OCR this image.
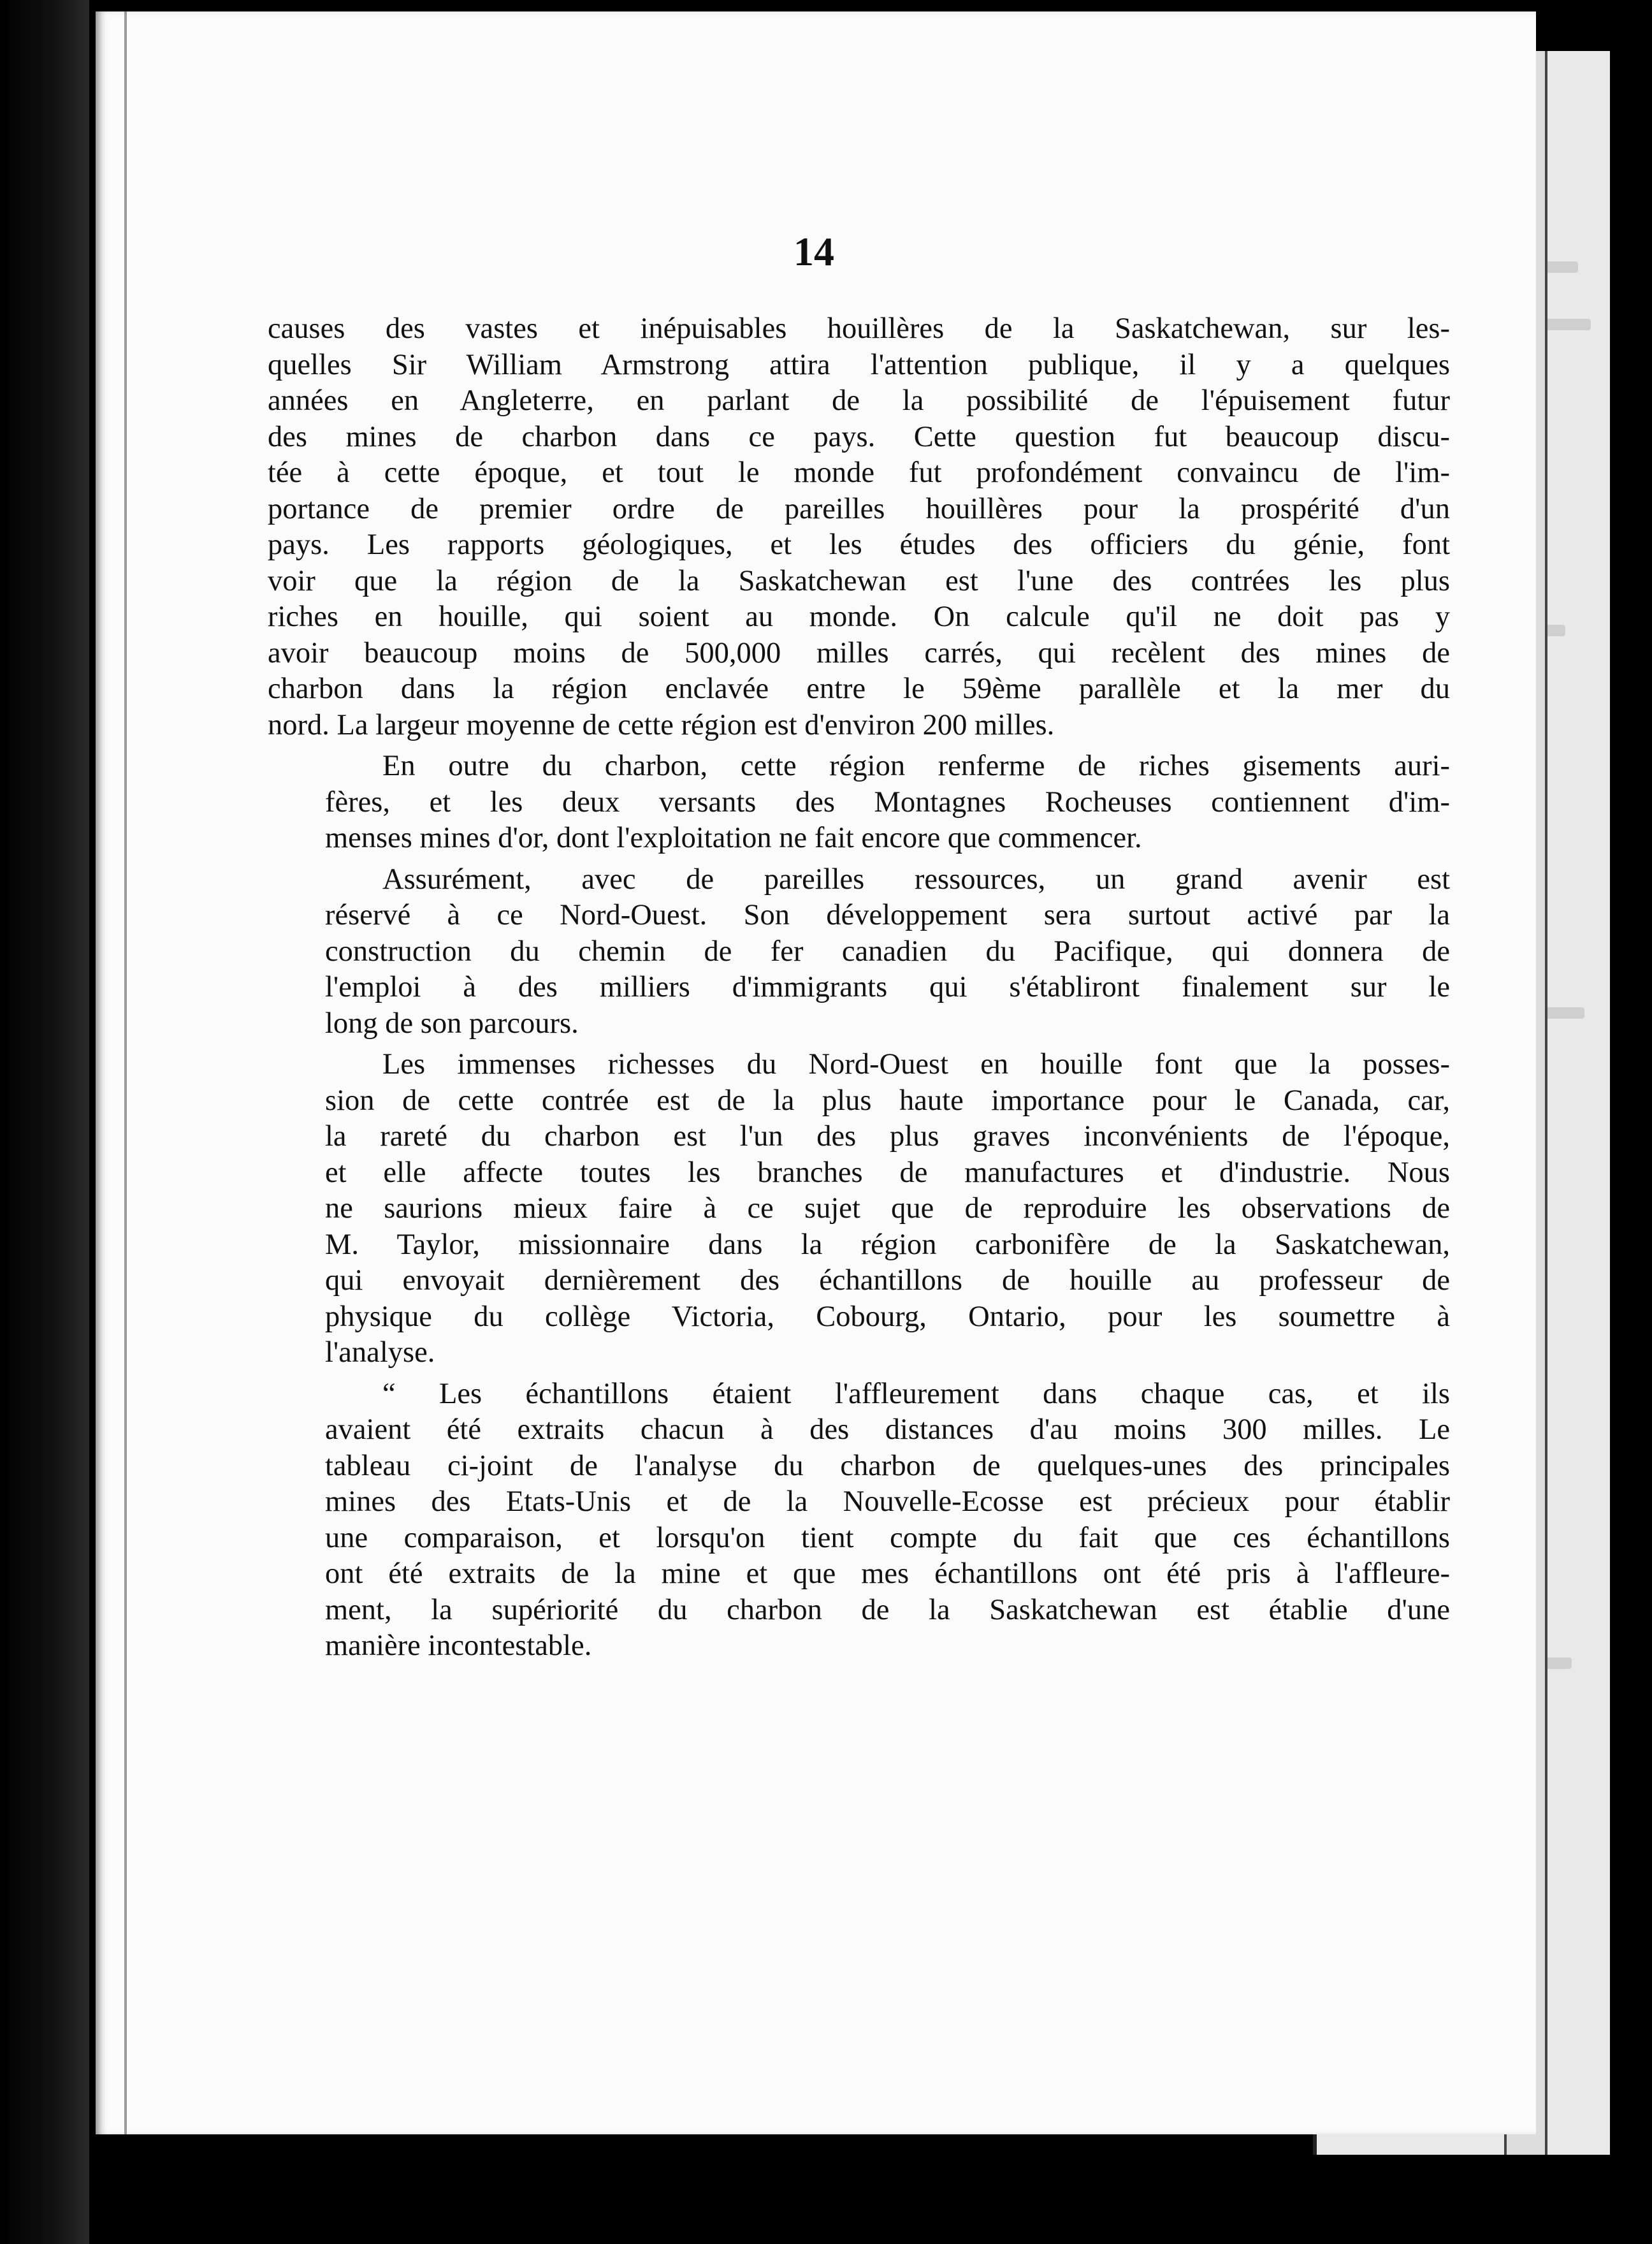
14

causes des vastes et inépuisables houillères de la Saskatchewan, sur les-
quelles Sir William Armstrong attira l'attention publique, il y a quelques
années en Angleterre, en parlant de la possibilité de l'épuisement futur
des mines de charbon dans ce pays. Cette question fut beaucoup discu-
tée à cette époque, et tout le monde fut profondément convaincu de l'im-
portance de premier ordre de pareilles houillères pour la prospérité d'un
pays. Les rapports géologiques, et les études des officiers du génie, font
voir que la région de la Saskatchewan est l'une des contrées les plus
riches en houille, qui soient au monde. On calcule qu'il ne doit pas y
avoir beaucoup moins de 500,000 milles carrés, qui recèlent des mines de
charbon dans la région enclavée entre le 59ème parallèle et la mer du
nord. La largeur moyenne de cette région est d'environ 200 milles.

En outre du charbon, cette région renferme de riches gisements auri-
fères, et les deux versants des Montagnes Rocheuses contiennent d'im-
menses mines d'or, dont l'exploitation ne fait encore que commencer.

Assurément, avec de pareilles ressources, un grand avenir est
réservé à ce Nord-Ouest. Son développement sera surtout activé par la
construction du chemin de fer canadien du Pacifique, qui donnera de
l'emploi à des milliers d'immigrants qui s'établiront finalement sur le
long de son parcours.

Les immenses richesses du Nord-Ouest en houille font que la posses-
sion de cette contrée est de la plus haute importance pour le Canada, car,
la rareté du charbon est l'un des plus graves inconvénients de l'époque,
et elle affecte toutes les branches de manufactures et d'industrie. Nous
ne saurions mieux faire à ce sujet que de reproduire les observations de
M. Taylor, missionnaire dans la région carbonifère de la Saskatchewan,
qui envoyait dernièrement des échantillons de houille au professeur de
physique du collège Victoria, Cobourg, Ontario, pour les soumettre à
l'analyse.

“ Les échantillons étaient l'affleurement dans chaque cas, et ils
avaient été extraits chacun à des distances d'au moins 300 milles. Le
tableau ci-joint de l'analyse du charbon de quelques-unes des principales
mines des Etats-Unis et de la Nouvelle-Ecosse est précieux pour établir
une comparaison, et lorsqu'on tient compte du fait que ces échantillons
ont été extraits de la mine et que mes échantillons ont été pris à l'affleure-
ment, la supériorité du charbon de la Saskatchewan est établie d'une
manière incontestable.
